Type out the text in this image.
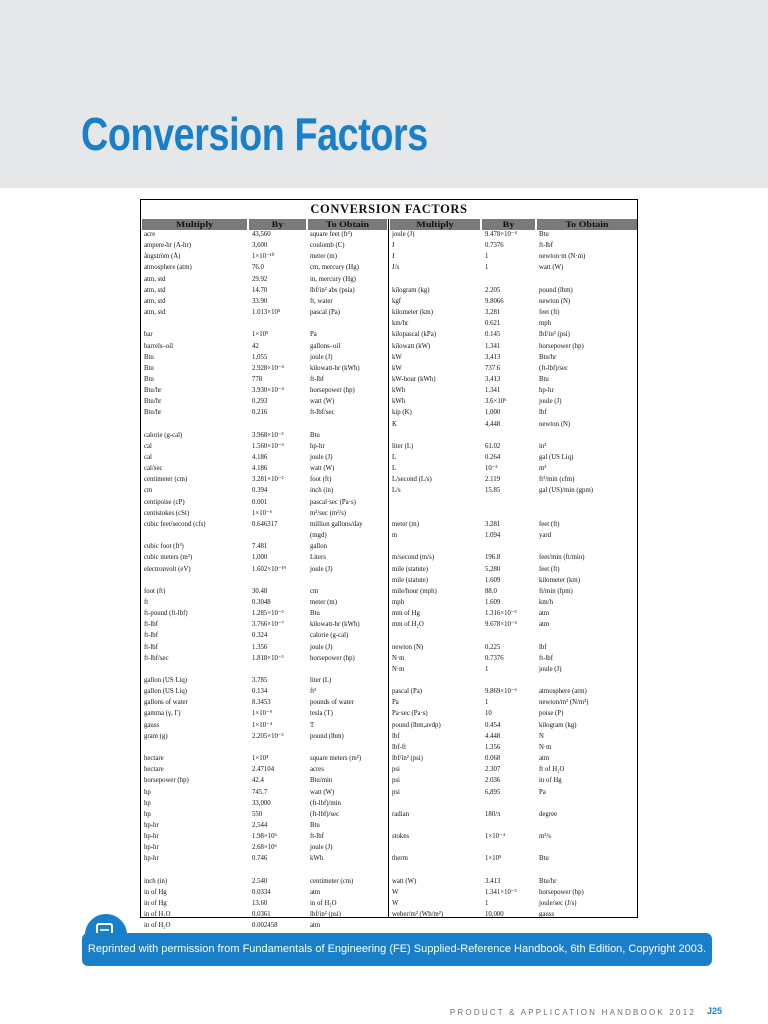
Conversion Factors
CONVERSION FACTORS
Multiply	By	To Obtain	Multiply	By	To Obtain
acre	43,560	square feet (ft²)
ampere-hr (A-hr)	3,600	coulomb (C)
ångström (Å)	1×10⁻¹⁰	meter (m)
atmosphere (atm)	76.0	cm, mercury (Hg)
atm, std	29.92	in, mercury (Hg)
atm, std	14.70	lbf/in² abs (psia)
atm, std	33.90	ft, water
atm, std	1.013×10⁵	pascal (Pa)
bar	1×10⁵	Pa
barrels–oil	42	gallons–oil
Btu	1,055	joule (J)
Btu	2.928×10⁻⁴	kilowatt-hr (kWh)
Btu	778	ft-lbf
Btu/hr	3.930×10⁻⁴	horsepower (hp)
Btu/hr	0.293	watt (W)
Btu/hr	0.216	ft-lbf/sec
calorie (g-cal)	3.968×10⁻³	Btu
cal	1.560×10⁻⁶	hp-hr
cal	4.186	joule (J)
cal/sec	4.186	watt (W)
centimeter (cm)	3.281×10⁻²	foot (ft)
cm	0.394	inch (in)
centipoise (cP)	0.001	pascal·sec (Pa·s)
centistokes (cSt)	1×10⁻⁶	m²/sec (m²/s)
cubic feet/second (cfs)	0.646317	million gallons/day
(mgd)
cubic foot (ft³)	7.481	gallon
cubic meters (m³)	1,000	Liters
electronvolt (eV)	1.602×10⁻¹⁹	joule (J)
foot (ft)	30.48	cm
ft	0.3048	meter (m)
ft-pound (ft-lbf)	1.285×10⁻³	Btu
ft-lbf	3.766×10⁻⁷	kilowatt-hr (kWh)
ft-lbf	0.324	calorie (g-cal)
ft-lbf	1.356	joule (J)
ft-lbf/sec	1.818×10⁻³	horsepower (hp)
gallon (US Liq)	3.785	liter (L)
gallon (US Liq)	0.134	ft³
gallons of water	8.3453	pounds of water
gamma (γ, Γ)	1×10⁻⁹	tesla (T)
gauss	1×10⁻⁴	T
gram (g)	2.205×10⁻³	pound (lbm)
hectare	1×10⁴	square meters (m²)
hectare	2.47104	acres
horsepower (hp)	42.4	Btu/min
hp	745.7	watt (W)
hp	33,000	(ft-lbf)/min
hp	550	(ft-lbf)/sec
hp-hr	2,544	Btu
hp-hr	1.98×10⁶	ft-lbf
hp-hr	2.68×10⁶	joule (J)
hp-hr	0.746	kWh
inch (in)	2.540	centimeter (cm)
in of Hg	0.0334	atm
in of Hg	13.60	in of H₂O
in of H₂O	0.0361	lbf/in² (psi)
in of H₂O	0.002458	atm
joule (J)	9.478×10⁻⁴	Btu
J	0.7376	ft-lbf
J	1	newton·m (N·m)
J/s	1	watt (W)
kilogram (kg)	2.205	pound (lbm)
kgf	9.8066	newton (N)
kilometer (km)	3,281	feet (ft)
km/hr	0.621	mph
kilopascal (kPa)	0.145	lbf/in² (psi)
kilowatt (kW)	1.341	horsepower (hp)
kW	3,413	Btu/hr
kW	737.6	(ft-lbf)/sec
kW-hour (kWh)	3,413	Btu
kWh	1.341	hp-hr
kWh	3.6×10⁶	joule (J)
kip (K)	1,000	lbf
K	4,448	newton (N)
liter (L)	61.02	in³
L	0.264	gal (US Liq)
L	10⁻³	m³
L/second (L/s)	2.119	ft³/min (cfm)
L/s	15.85	gal (US)/min (gpm)
meter (m)	3.281	feet (ft)
m	1.094	yard
m/second (m/s)	196.8	feet/min (ft/min)
mile (statute)	5,280	feet (ft)
mile (statute)	1.609	kilometer (km)
mile/hour (mph)	88.0	ft/min (fpm)
mph	1.609	km/h
mm of Hg	1.316×10⁻³	atm
mm of H₂O	9.678×10⁻⁵	atm
newton (N)	0.225	lbf
N·m	0.7376	ft-lbf
N·m	1	joule (J)
pascal (Pa)	9.869×10⁻⁶	atmosphere (atm)
Pa	1	newton/m² (N/m²)
Pa·sec (Pa·s)	10	poise (P)
pound (lbm,avdp)	0.454	kilogram (kg)
lbf	4.448	N
lbf-ft	1.356	N·m
lbf/in² (psi)	0.068	atm
psi	2.307	ft of H₂O
psi	2.036	in of Hg
psi	6,895	Pa
radian	180/π	degree
stokes	1×10⁻⁴	m²/s
therm	1×10⁵	Btu
watt (W)	3.413	Btu/hr
W	1.341×10⁻³	horsepower (hp)
W	1	joule/sec (J/s)
weber/m² (Wb/m²)	10,000	gauss
Reprinted with permission from Fundamentals of Engineering (FE) Supplied-Reference Handbook, 6th Edition, Copyright 2003.
PRODUCT & APPLICATION HANDBOOK 2012 J25
